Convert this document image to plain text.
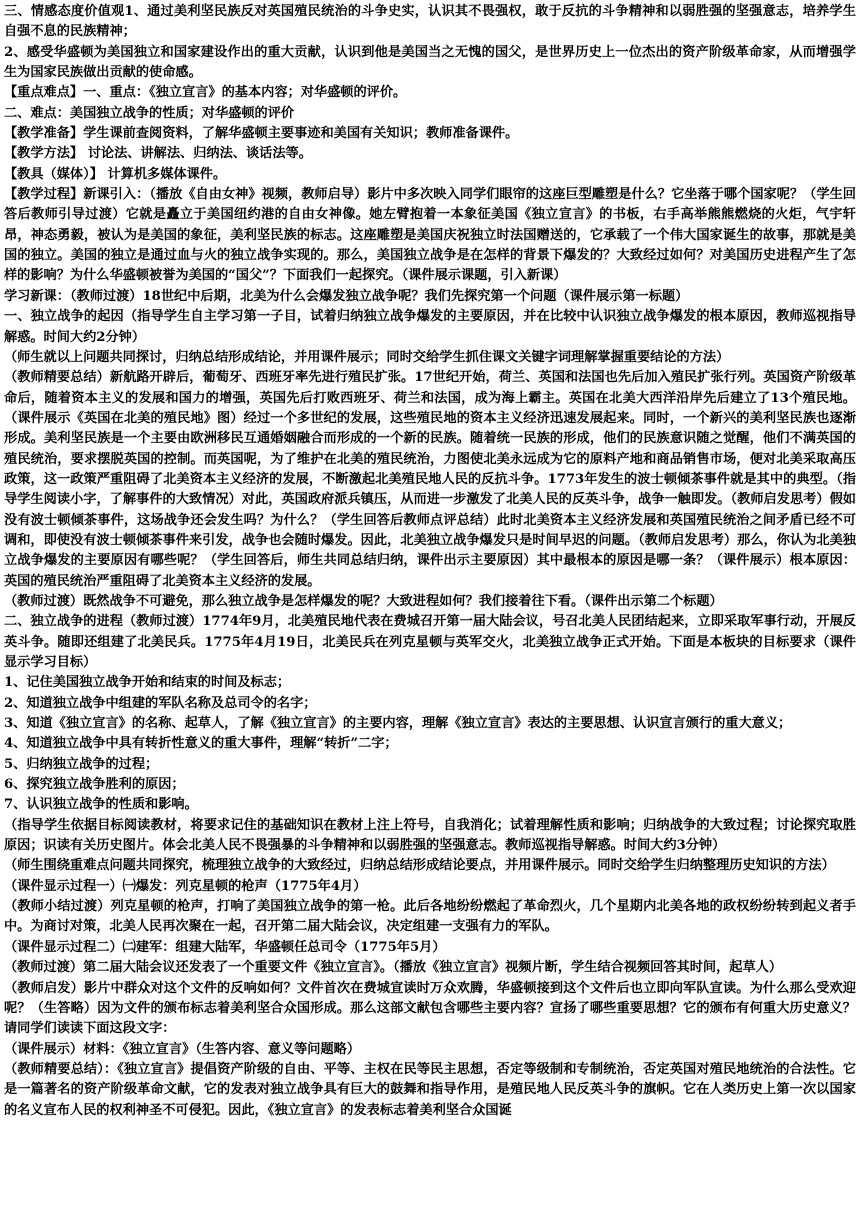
三、情感态度价值观1、通过美利坚民族反对英国殖民统治的斗争史实，认识其不畏强权，敢于反抗的斗争精神和以弱胜强的坚强意志，培养学生自强不息的民族精神；

2、感受华盛顿为美国独立和国家建设作出的重大贡献，认识到他是美国当之无愧的国父，是世界历史上一位杰出的资产阶级革命家，从而增强学生为国家民族做出贡献的使命感。

【重点难点】一、重点：《独立宣言》的基本内容；对华盛顿的评价。

二、难点：美国独立战争的性质；对华盛顿的评价

【教学准备】学生课前查阅资料，了解华盛顿主要事迹和美国有关知识；教师准备课件。

【教学方法】 讨论法、讲解法、归纳法、谈话法等。

【教具（媒体）】 计算机多媒体课件。

【教学过程】新课引入：（播放《自由女神》视频，教师启导）影片中多次映入同学们眼帘的这座巨型雕塑是什么？它坐落于哪个国家呢？（学生回答后教师引导过渡）它就是矗立于美国纽约港的自由女神像。她左臂抱着一本象征美国《独立宣言》的书板，右手高举熊熊燃烧的火炬，气宇轩昂，神态勇毅，被认为是美国的象征，美利坚民族的标志。这座雕塑是美国庆祝独立时法国赠送的，它承载了一个伟大国家诞生的故事，那就是美国的独立。美国的独立是通过血与火的独立战争实现的。那么，美国独立战争是在怎样的背景下爆发的？大致经过如何？对美国历史进程产生了怎样的影响？为什么华盛顿被誉为美国的“国父”？下面我们一起探究。（课件展示课题，引入新课）

学习新课：（教师过渡）18世纪中后期，北美为什么会爆发独立战争呢？我们先探究第一个问题（课件展示第一标题）

一、独立战争的起因（指导学生自主学习第一子目，试着归纳独立战争爆发的主要原因，并在比较中认识独立战争爆发的根本原因，教师巡视指导解惑。时间大约2分钟）

（师生就以上问题共同探讨，归纳总结形成结论，并用课件展示；同时交给学生抓住课文关键字词理解掌握重要结论的方法）

（教师精要总结）新航路开辟后，葡萄牙、西班牙率先进行殖民扩张。17世纪开始，荷兰、英国和法国也先后加入殖民扩张行列。英国资产阶级革命后，随着资本主义的发展和国力的增强，英国先后打败西班牙、荷兰和法国，成为海上霸主。英国在北美大西洋沿岸先后建立了13个殖民地。（课件展示《英国在北美的殖民地》图）经过一个多世纪的发展，这些殖民地的资本主义经济迅速发展起来。同时，一个新兴的美利坚民族也逐渐形成。美利坚民族是一个主要由欧洲移民互通婚姻融合而形成的一个新的民族。随着统一民族的形成，他们的民族意识随之觉醒，他们不满英国的殖民统治，要求摆脱英国的控制。而英国呢，为了维护在北美的殖民统治，力图使北美永远成为它的原料产地和商品销售市场，便对北美采取高压政策，这一政策严重阻碍了北美资本主义经济的发展，不断激起北美殖民地人民的反抗斗争。1773年发生的波士顿倾茶事件就是其中的典型。（指导学生阅读小字，了解事件的大致情况）对此，英国政府派兵镇压，从而进一步激发了北美人民的反英斗争，战争一触即发。（教师启发思考）假如没有波士顿倾茶事件，这场战争还会发生吗？为什么？（学生回答后教师点评总结）此时北美资本主义经济发展和英国殖民统治之间矛盾已经不可调和，即使没有波士顿倾茶事件来引发，战争也会随时爆发。因此，北美独立战争爆发只是时间早迟的问题。（教师启发思考）那么，你认为北美独立战争爆发的主要原因有哪些呢？（学生回答后，师生共同总结归纳，课件出示主要原因）其中最根本的原因是哪一条？（课件展示）根本原因：英国的殖民统治严重阻碍了北美资本主义经济的发展。

（教师过渡）既然战争不可避免，那么独立战争是怎样爆发的呢？大致进程如何？我们接着往下看。（课件出示第二个标题）

二、独立战争的进程（教师过渡）1774年9月，北美殖民地代表在费城召开第一届大陆会议，号召北美人民团结起来，立即采取军事行动，开展反英斗争。随即还组建了北美民兵。1775年4月19日，北美民兵在列克星顿与英军交火，北美独立战争正式开始。下面是本板块的目标要求（课件显示学习目标）

1、记住美国独立战争开始和结束的时间及标志；

2、知道独立战争中组建的军队名称及总司令的名字；

3、知道《独立宣言》的名称、起草人，了解《独立宣言》的主要内容，理解《独立宣言》表达的主要思想、认识宣言颁行的重大意义；

4、知道独立战争中具有转折性意义的重大事件，理解“转折”二字；

5、归纳独立战争的过程；

6、探究独立战争胜利的原因；

7、认识独立战争的性质和影响。

（指导学生依据目标阅读教材，将要求记住的基础知识在教材上注上符号，自我消化；试着理解性质和影响；归纳战争的大致过程；讨论探究取胜原因；识读有关历史图片。体会北美人民不畏强暴的斗争精神和以弱胜强的坚强意志。教师巡视指导解惑。时间大约3分钟）

（师生围绕重难点问题共同探究，梳理独立战争的大致经过，归纳总结形成结论要点，并用课件展示。同时交给学生归纳整理历史知识的方法）

（课件显示过程一）㈠爆发：列克星顿的枪声（1775年4月）

（教师小结过渡）列克星顿的枪声，打响了美国独立战争的第一枪。此后各地纷纷燃起了革命烈火，几个星期内北美各地的政权纷纷转到起义者手中。为商讨对策，北美人民再次聚在一起，召开第二届大陆会议，决定组建一支强有力的军队。

（课件显示过程二）㈡建军：组建大陆军，华盛顿任总司令（1775年5月）

（教师过渡）第二届大陆会议还发表了一个重要文件《独立宣言》。（播放《独立宣言》视频片断，学生结合视频回答其时间，起草人）

（教师启发）影片中群众对这个文件的反响如何？文件首次在费城宣读时万众欢腾，华盛顿接到这个文件后也立即向军队宣读。为什么那么受欢迎呢？（生答略）因为文件的颁布标志着美利坚合众国形成。那么这部文献包含哪些主要内容？宣扬了哪些重要思想？它的颁布有何重大历史意义？请同学们读读下面这段文字：

（课件展示）材料：《独立宣言》（生答内容、意义等问题略）

（教师精要总结）：《独立宣言》提倡资产阶级的自由、平等、主权在民等民主思想，否定等级制和专制统治，否定英国对殖民地统治的合法性。它是一篇著名的资产阶级革命文献，它的发表对独立战争具有巨大的鼓舞和指导作用，是殖民地人民反英斗争的旗帜。它在人类历史上第一次以国家的名义宣布人民的权利神圣不可侵犯。因此，《独立宣言》的发表标志着美利坚合众国诞
